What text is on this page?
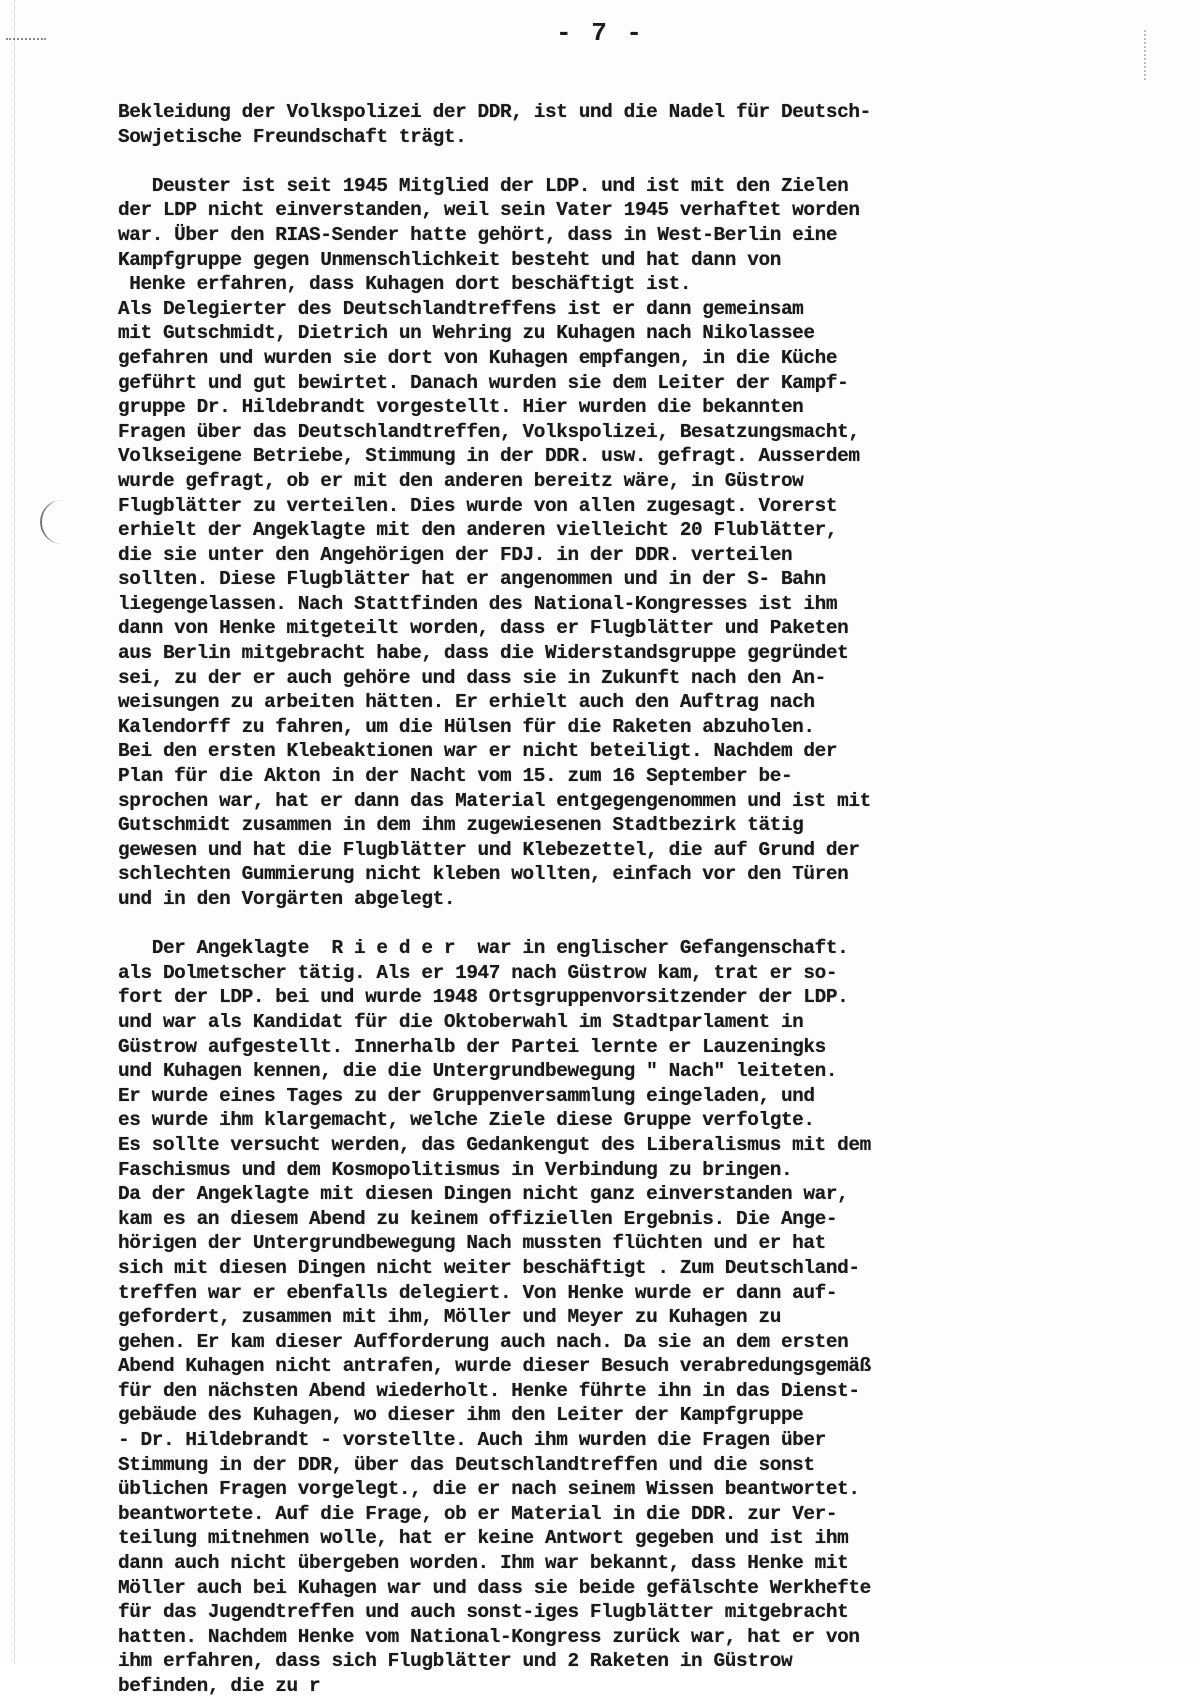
- 7 -
Bekleidung der Volkspolizei der DDR, ist und die Nadel für Deutsch-
Sowjetische Freundschaft trägt.
Deuster ist seit 1945 Mitglied der LDP. und ist mit den Zielen
der LDP nicht einverstanden, weil sein Vater 1945 verhaftet worden
war. Über den RIAS-Sender hatte gehört, dass in West-Berlin eine
Kampfgruppe gegen Unmenschlichkeit besteht und hat dann von
Henke erfahren, dass Kuhagen dort beschäftigt ist.
Als Delegierter des Deutschlandtreffens ist er dann gemeinsam
mit Gutschmidt, Dietrich un Wehring zu Kuhagen nach Nikolassee
gefahren und wurden sie dort von Kuhagen empfangen, in die Küche
geführt und gut bewirtet. Danach wurden sie dem Leiter der Kampf-
gruppe Dr. Hildebrandt vorgestellt. Hier wurden die bekannten
Fragen über das Deutschlandtreffen, Volkspolizei, Besatzungsmacht,
Volkseigene Betriebe, Stimmung in der DDR. usw. gefragt. Ausserdem
wurde gefragt, ob er mit den anderen bereitz wäre, in Güstrow
Flugblätter zu verteilen. Dies wurde von allen zugesagt. Vorerst
erhielt der Angeklagte mit den anderen vielleicht 20 Flublätter,
die sie unter den Angehörigen der FDJ. in der DDR. verteilen
sollten. Diese Flugblätter hat er angenommen und in der S- Bahn
liegengelassen. Nach Stattfinden des National-Kongresses ist ihm
dann von Henke mitgeteilt worden, dass er Flugblätter und Paketen
aus Berlin mitgebracht habe, dass die Widerstandsgruppe gegründet
sei, zu der er auch gehöre und dass sie in Zukunft nach den An-
weisungen zu arbeiten hätten. Er erhielt auch den Auftrag nach
Kalendorff zu fahren, um die Hülsen für die Raketen abzuholen.
Bei den ersten Klebeaktionen war er nicht beteiligt. Nachdem der
Plan für die Akton in der Nacht vom 15. zum 16 September be-
sprochen war, hat er dann das Material entgegengenommen und ist mit
Gutschmidt zusammen in dem ihm zugewiesenen Stadtbezirk tätig
gewesen und hat die Flugblätter und Klebezettel, die auf Grund der
schlechten Gummierung nicht kleben wollten, einfach vor den Türen
und in den Vorgärten abgelegt.
Der Angeklagte  R i e d e r  war in englischer Gefangenschaft.
als Dolmetscher tätig. Als er 1947 nach Güstrow kam, trat er so-
fort der LDP. bei und wurde 1948 Ortsgruppenvorsitzender der LDP.
und war als Kandidat für die Oktoberwahl im Stadtparlament in
Güstrow aufgestellt. Innerhalb der Partei lernte er Lauzeningks
und Kuhagen kennen, die die Untergrundbewegung " Nach" leiteten.
Er wurde eines Tages zu der Gruppenversammlung eingeladen, und
es wurde ihm klargemacht, welche Ziele diese Gruppe verfolgte.
Es sollte versucht werden, das Gedankengut des Liberalismus mit dem
Faschismus und dem Kosmopolitismus in Verbindung zu bringen.
Da der Angeklagte mit diesen Dingen nicht ganz einverstanden war,
kam es an diesem Abend zu keinem offiziellen Ergebnis. Die Ange-
hörigen der Untergrundbewegung Nach mussten flüchten und er hat
sich mit diesen Dingen nicht weiter beschäftigt . Zum Deutschland-
treffen war er ebenfalls delegiert. Von Henke wurde er dann auf-
gefordert, zusammen mit ihm, Möller und Meyer zu Kuhagen zu
gehen. Er kam dieser Aufforderung auch nach. Da sie an dem ersten
Abend Kuhagen nicht antrafen, wurde dieser Besuch verabredungsgemäß
für den nächsten Abend wiederholt. Henke führte ihn in das Dienst-
gebäude des Kuhagen, wo dieser ihm den Leiter der Kampfgruppe
- Dr. Hildebrandt - vorstellte. Auch ihm wurden die Fragen über
Stimmung in der DDR, über das Deutschlandtreffen und die sonst
üblichen Fragen vorgelegt., die er nach seinem Wissen beantwortet.
beantwortete. Auf die Frage, ob er Material in die DDR. zur Ver-
teilung mitnehmen wolle, hat er keine Antwort gegeben und ist ihm
dann auch nicht übergeben worden. Ihm war bekannt, dass Henke mit
Möller auch bei Kuhagen war und dass sie beide gefälschte Werkhefte
für das Jugendtreffen und auch sonst-iges Flugblätter mitgebracht
hatten. Nachdem Henke vom National-Kongress zurück war, hat er von
ihm erfahren, dass sich Flugblätter und 2 Raketen in Güstrow
befinden, die zu r
